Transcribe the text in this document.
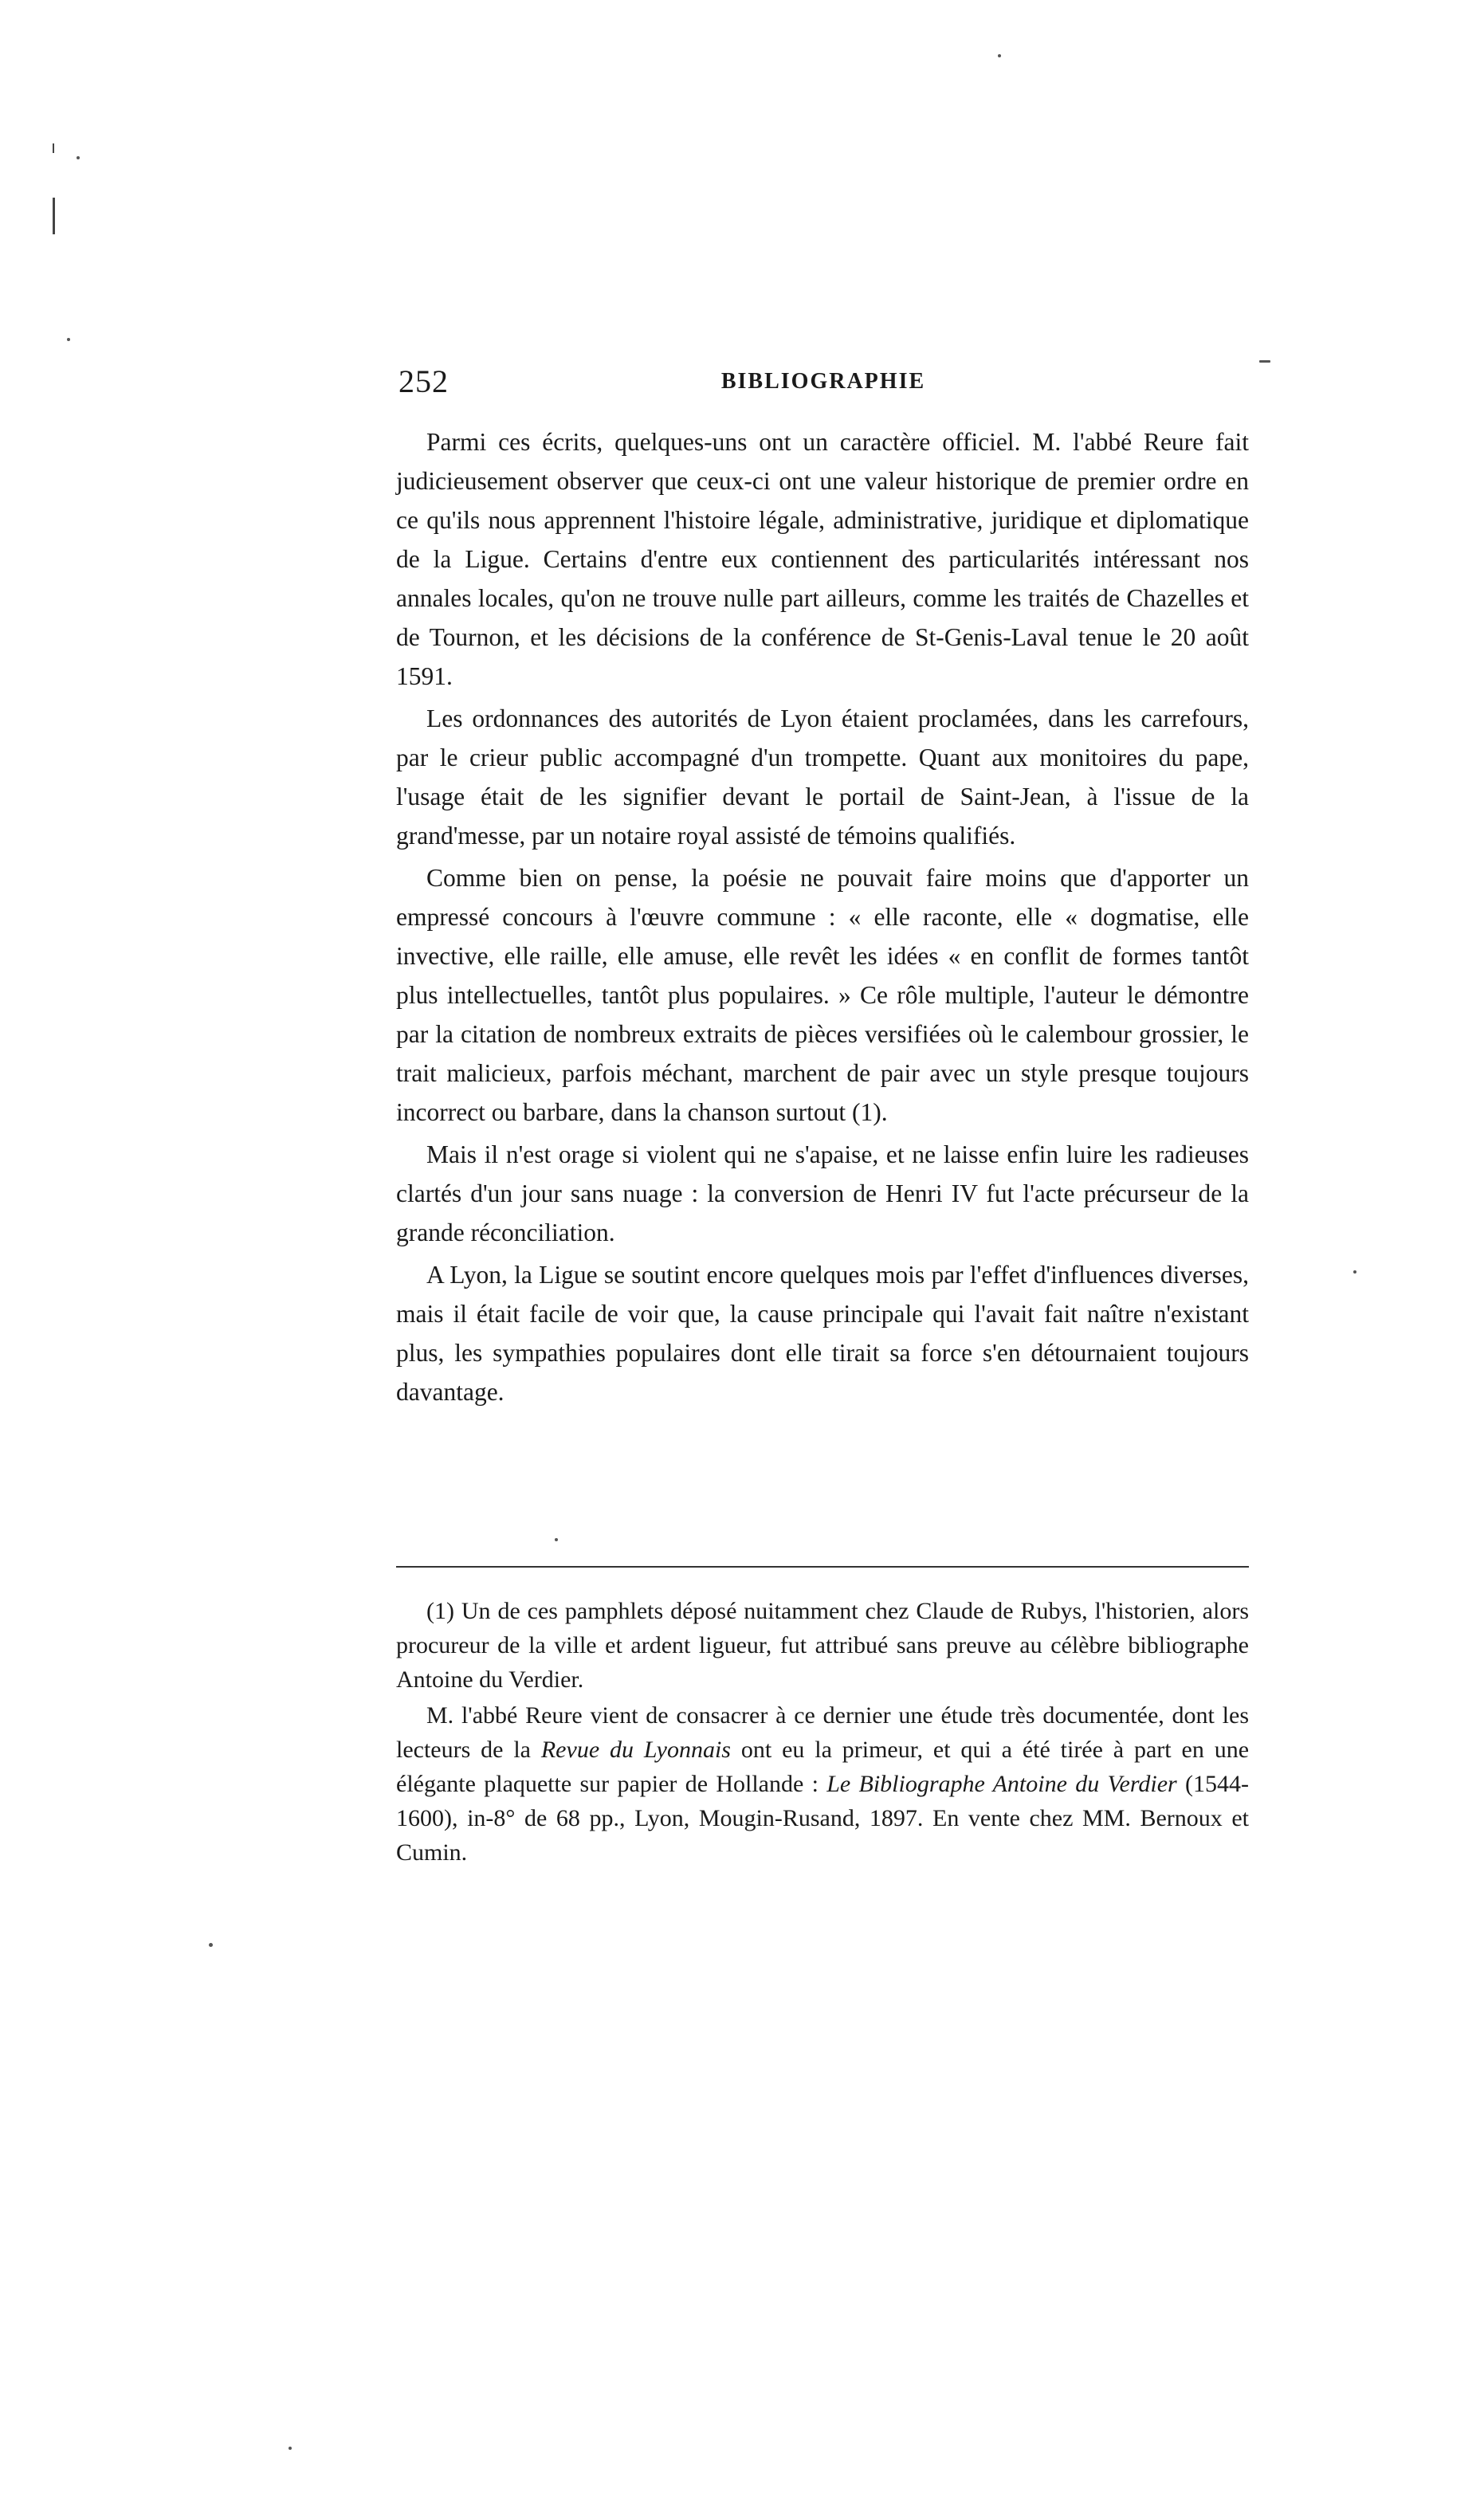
252	BIBLIOGRAPHIE

Parmi ces écrits, quelques-uns ont un caractère officiel. M. l'abbé Reure fait judicieusement observer que ceux-ci ont une valeur historique de premier ordre en ce qu'ils nous apprennent l'histoire légale, administrative, juridique et diplomatique de la Ligue. Certains d'entre eux contiennent des particularités intéressant nos annales locales, qu'on ne trouve nulle part ailleurs, comme les traités de Chazelles et de Tournon, et les décisions de la conférence de St-Genis-Laval tenue le 20 août 1591.

Les ordonnances des autorités de Lyon étaient proclamées, dans les carrefours, par le crieur public accompagné d'un trompette. Quant aux monitoires du pape, l'usage était de les signifier devant le portail de Saint-Jean, à l'issue de la grand'messe, par un notaire royal assisté de témoins qualifiés.

Comme bien on pense, la poésie ne pouvait faire moins que d'apporter un empressé concours à l'œuvre commune : « elle raconte, elle « dogmatise, elle invective, elle raille, elle amuse, elle revêt les idées « en conflit de formes tantôt plus intellectuelles, tantôt plus populaires. » Ce rôle multiple, l'auteur le démontre par la citation de nombreux extraits de pièces versifiées où le calembour grossier, le trait malicieux, parfois méchant, marchent de pair avec un style presque toujours incorrect ou barbare, dans la chanson surtout (1).

Mais il n'est orage si violent qui ne s'apaise, et ne laisse enfin luire les radieuses clartés d'un jour sans nuage : la conversion de Henri IV fut l'acte précurseur de la grande réconciliation.

A Lyon, la Ligue se soutint encore quelques mois par l'effet d'influences diverses, mais il était facile de voir que, la cause principale qui l'avait fait naître n'existant plus, les sympathies populaires dont elle tirait sa force s'en détournaient toujours davantage.

(1) Un de ces pamphlets déposé nuitamment chez Claude de Rubys, l'historien, alors procureur de la ville et ardent ligueur, fut attribué sans preuve au célèbre bibliographe Antoine du Verdier.

M. l'abbé Reure vient de consacrer à ce dernier une étude très documentée, dont les lecteurs de la Revue du Lyonnais ont eu la primeur, et qui a été tirée à part en une élégante plaquette sur papier de Hollande : Le Bibliographe Antoine du Verdier (1544-1600), in-8° de 68 pp., Lyon, Mougin-Rusand, 1897. En vente chez MM. Bernoux et Cumin.
